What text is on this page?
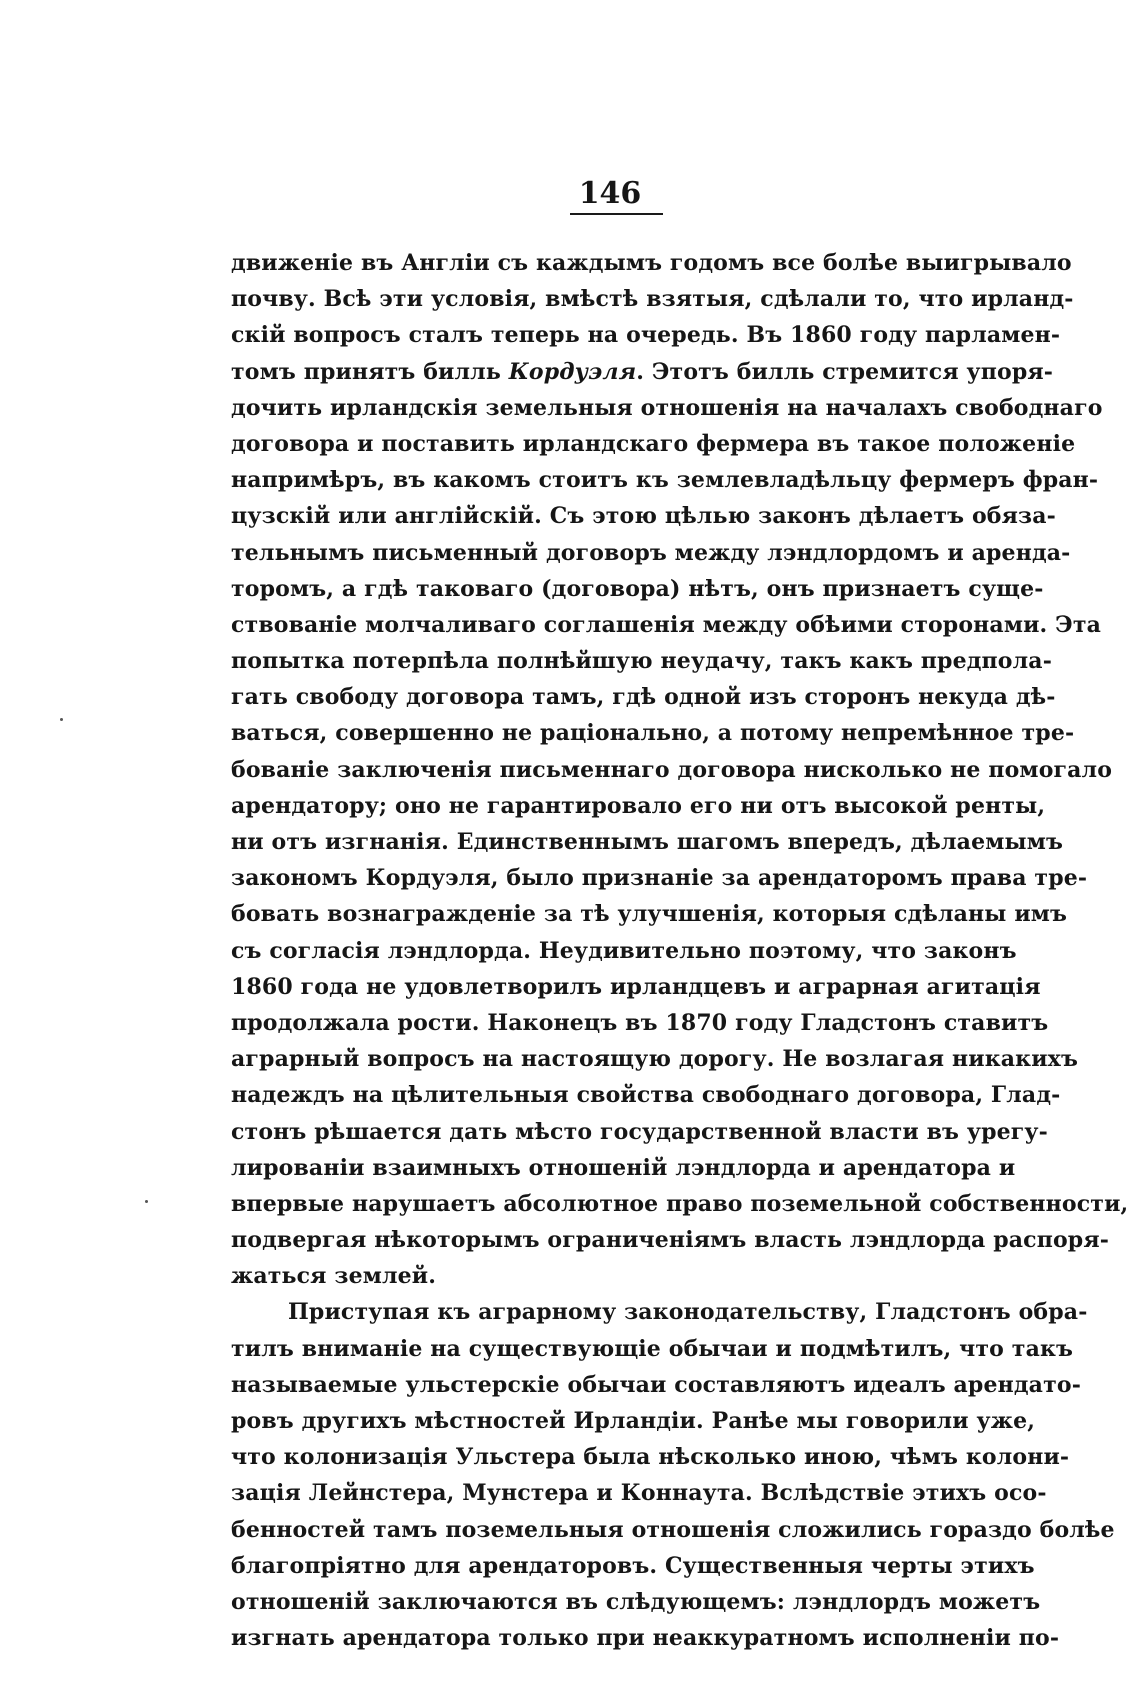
146
движеніе въ Англіи съ каждымъ годомъ все болѣе выигрывало
почву. Всѣ эти условія, вмѣстѣ взятыя, сдѣлали то, что ирланд-
скій вопросъ сталъ теперь на очередь. Въ 1860 году парламен-
томъ принятъ билль Кордуэля. Этотъ билль стремится упоря-
дочить ирландскія земельныя отношенія на началахъ свободнаго
договора и поставить ирландскаго фермера въ такое положеніе
напримѣръ, въ какомъ стоитъ къ землевладѣльцу фермеръ фран-
цузскій или англійскій. Съ этою цѣлью законъ дѣлаетъ обяза-
тельнымъ письменный договоръ между лэндлордомъ и аренда-
торомъ, а гдѣ таковаго (договора) нѣтъ, онъ признаетъ суще-
ствованіе молчаливаго соглашенія между обѣими сторонами. Эта
попытка потерпѣла полнѣйшую неудачу, такъ какъ предпола-
гать свободу договора тамъ, гдѣ одной изъ сторонъ некуда дѣ-
ваться, совершенно не раціонально, а потому непремѣнное тре-
бованіе заключенія письменнаго договора нисколько не помогало
арендатору; оно не гарантировало его ни отъ высокой ренты,
ни отъ изгнанія. Единственнымъ шагомъ впередъ, дѣлаемымъ
закономъ Кордуэля, было признаніе за арендаторомъ права тре-
бовать вознагражденіе за тѣ улучшенія, которыя сдѣланы имъ
съ согласія лэндлорда. Неудивительно поэтому, что законъ
1860 года не удовлетворилъ ирландцевъ и аграрная агитація
продолжала рости. Наконецъ въ 1870 году Гладстонъ ставитъ
аграрный вопросъ на настоящую дорогу. Не возлагая никакихъ
надеждъ на цѣлительныя свойства свободнаго договора, Глад-
стонъ рѣшается дать мѣсто государственной власти въ урегу-
лированіи взаимныхъ отношеній лэндлорда и арендатора и
впервые нарушаетъ абсолютное право поземельной собственности,
подвергая нѣкоторымъ ограниченіямъ власть лэндлорда распоря-
жаться землей.
Приступая къ аграрному законодательству, Гладстонъ обра-
тилъ вниманіе на существующіе обычаи и подмѣтилъ, что такъ
называемые ульстерскіе обычаи составляютъ идеалъ арендато-
ровъ другихъ мѣстностей Ирландіи. Ранѣе мы говорили уже,
что колонизація Ульстера была нѣсколько иною, чѣмъ колони-
зація Лейнстера, Мунстера и Коннаута. Вслѣдствіе этихъ осо-
бенностей тамъ поземельныя отношенія сложились гораздо болѣе
благопріятно для арендаторовъ. Существенныя черты этихъ
отношеній заключаются въ слѣдующемъ: лэндлордъ можетъ
изгнать арендатора только при неаккуратномъ исполненіи по-
